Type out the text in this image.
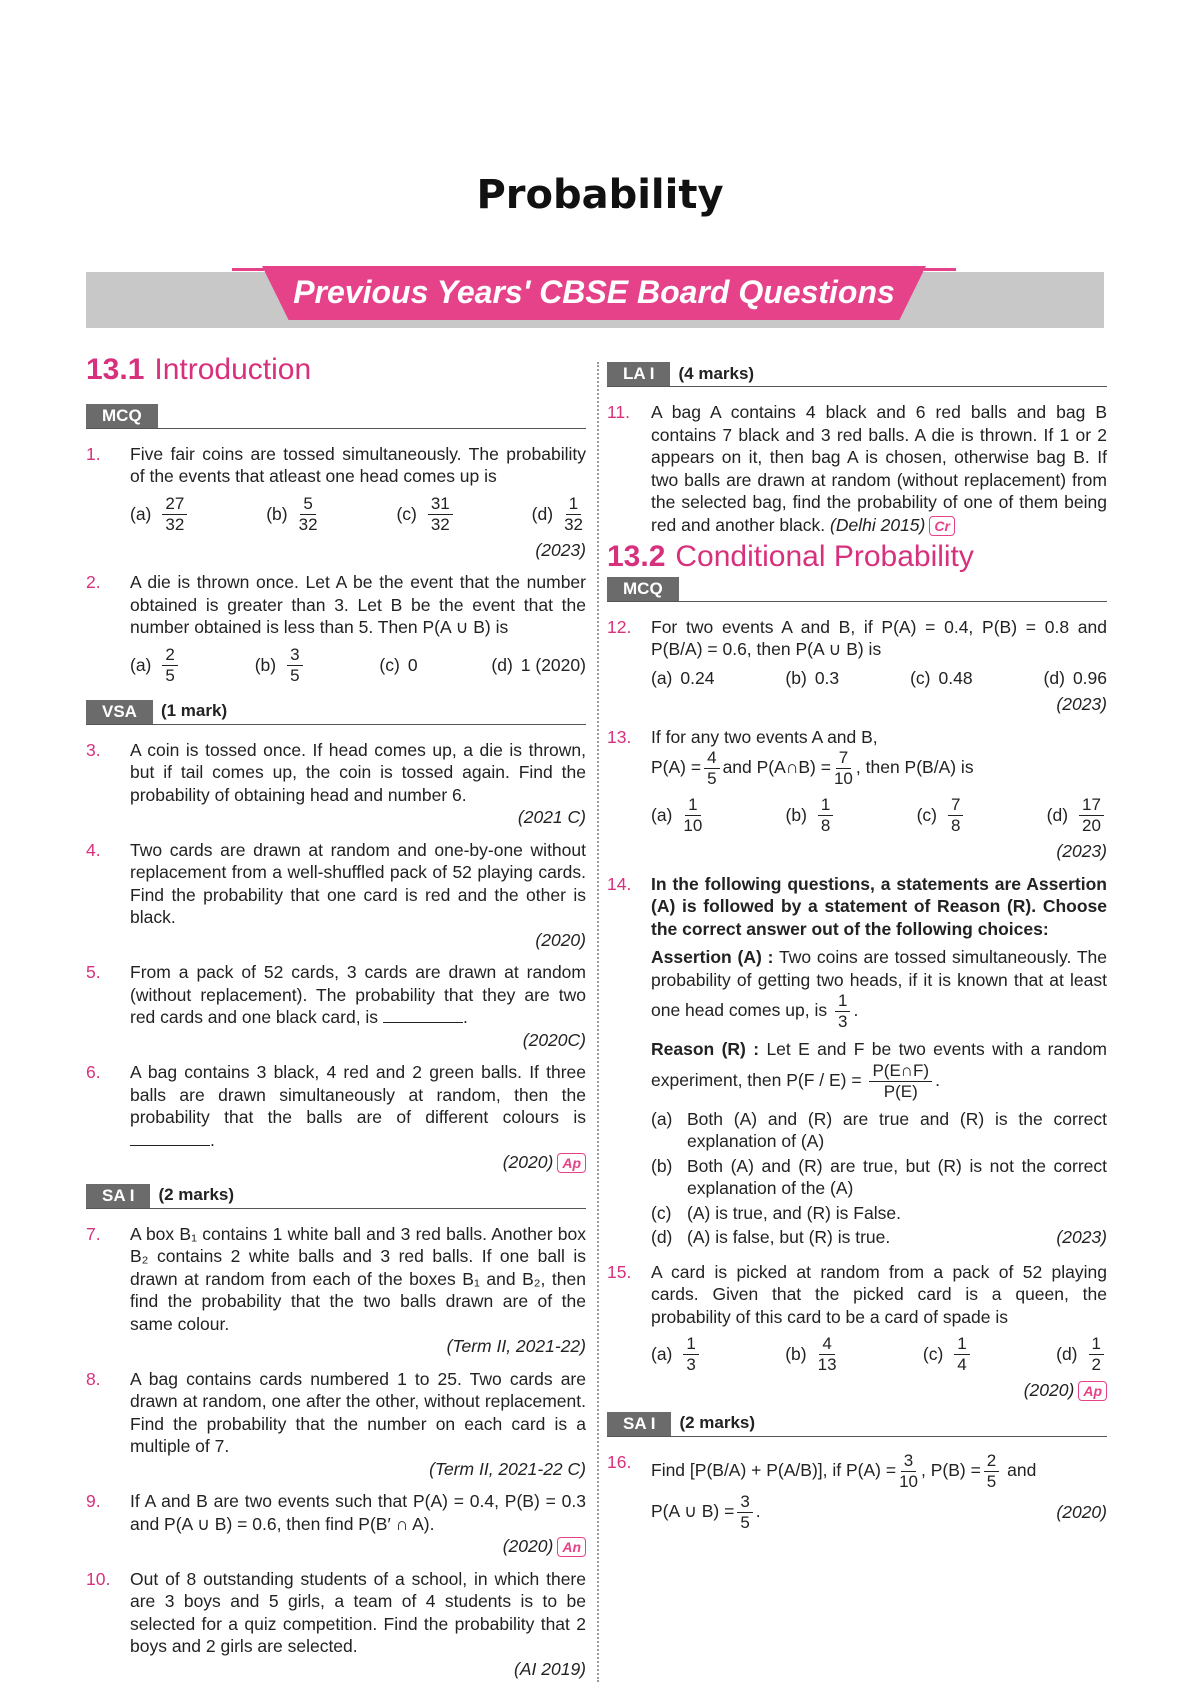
Probability
Previous Years' CBSE Board Questions
13.1 Introduction
MCQ
1.	Five fair coins are tossed simultaneously. The probability of the events that atleast one head comes up is
$(a) \frac{27}{32}$	$(b) \frac{5}{32}$	$(c) \frac{31}{32}$	$(d) \frac{1}{32}$
(2023)
2.	A die is thrown once. Let A be the event that the number obtained is greater than 3. Let B be the event that the number obtained is less than 5. Then P(A ∪ B) is
$(a) \frac{2}{5}$	$(b) \frac{3}{5}$	(c) 0	(d) 1 (2020)
VSA	(1 mark)
3.	A coin is tossed once. If head comes up, a die is thrown, but if tail comes up, the coin is tossed again. Find the probability of obtaining head and number 6.
(2021 C)
4.	Two cards are drawn at random and one-by-one without replacement from a well-shuffled pack of 52 playing cards. Find the probability that one card is red and the other is black.
(2020)
5.	From a pack of 52 cards, 3 cards are drawn at random (without replacement). The probability that they are two red cards and one black card, is	.
(2020C)
6.	A bag contains 3 black, 4 red and 2 green balls. If three balls are drawn simultaneously at random, then the probability that the balls are of different colours is .
(2020) Ap
SA I	(2 marks)
7.	A box B₁ contains 1 white ball and 3 red balls. Another box B₂ contains 2 white balls and 3 red balls. If one ball is drawn at random from each of the boxes B₁ and B₂, then find the probability that the two balls drawn are of the same colour.
(Term II, 2021-22)
8.	A bag contains cards numbered 1 to 25. Two cards are drawn at random, one after the other, without replacement. Find the probability that the number on each card is a multiple of 7.
(Term II, 2021-22 C)
9.	If A and B are two events such that P(A) = 0.4, P(B) = 0.3 and P(A ∪ B) = 0.6, then find P(B′ ∩ A).
(2020) An
10.	Out of 8 outstanding students of a school, in which there are 3 boys and 5 girls, a team of 4 students is to be selected for a quiz competition. Find the probability that 2 boys and 2 girls are selected.
(AI 2019)
LA I	(4 marks)
11.	A bag A contains 4 black and 6 red balls and bag B contains 7 black and 3 red balls. A die is thrown. If 1 or 2 appears on it, then bag A is chosen, otherwise bag B. If two balls are drawn at random (without replacement) from the selected bag, find the probability of one of them being red and another black. (Delhi 2015) Cr
13.2 Conditional Probability
MCQ
12.	For two events A and B, if P(A) = 0.4, P(B) = 0.8 and P(B/A) = 0.6, then P(A ∪ B) is
(a) 0.24	(b) 0.3	(c) 0.48	(d) 0.96
(2023)
13.	If for any two events A and B,
$P(A) = \frac{4}{5}$ and P(A∩B) = $\frac{7}{10}$ , then P(B/A) is
$(a) \frac{1}{10}$	$(b) \frac{1}{8}$	$(c) \frac{7}{8}$	$(d) \frac{17}{20}$
(2023)
14.	In the following questions, a statements are Assertion (A) is followed by a statement of Reason (R). Choose the correct answer out of the following choices:
Assertion (A) : Two coins are tossed simultaneously. The probability of getting two heads, if it is known that at least one head comes up, is $\frac{1}{3}$ .
Reason (R) : Let E and F be two events with a random experiment, then $P(F / E) = \frac{P(E\cap F)}{P(E)}$ .
(a) Both (A) and (R) are true and (R) is the correct explanation of (A)
(b) Both (A) and (R) are true, but (R) is not the correct explanation of the (A)
(c) (A) is true, and (R) is False.
(d) (A) is false, but (R) is true.	(2023)
15.	A card is picked at random from a pack of 52 playing cards. Given that the picked card is a queen, the probability of this card to be a card of spade is
$(a) \frac{1}{3}$	$(b) \frac{4}{13}$	$(c) \frac{1}{4}$	$(d) \frac{1}{2}$
(2020) Ap
SA I	(2 marks)
16.	Find [P(B/A) + P(A/B)], if $P(A) = \frac{3}{10}$ , $P(B) = \frac{2}{5}$ and
P(A ∪ $B) = \frac{3}{5}$ .	(2020)
